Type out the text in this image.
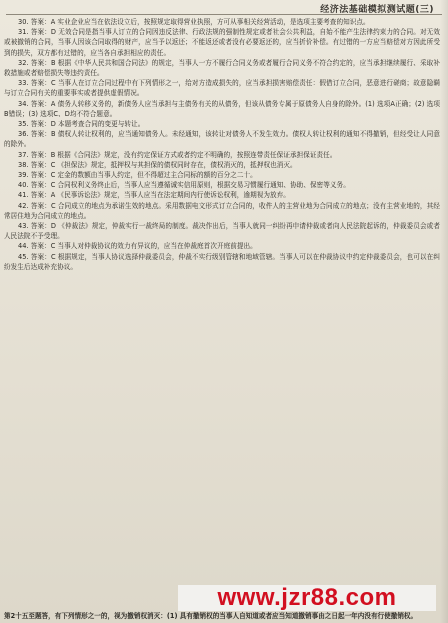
经济法基础模拟测试题(三)

30. 答案：A 实业企业应当在依法设立后，按照规定取得营业执照，方可从事相关经营活动，是选项主要考查的知识点。

31. 答案：D 无效合同是指当事人订立的合同因违反法律、行政法规的强制性规定或者社会公共利益，自始不能产生法律约束力的合同。对无效或被撤销的合同，当事人因该合同取得的财产，应当予以返还；不能返还或者没有必要返还的，应当折价补偿。有过错的一方应当赔偿对方因此所受到的损失，双方都有过错的，应当各自承担相应的责任。

32. 答案：B 根据《中华人民共和国合同法》的规定，当事人一方不履行合同义务或者履行合同义务不符合约定的，应当承担继续履行、采取补救措施或者赔偿损失等违约责任。

33. 答案：C 当事人在订立合同过程中有下列情形之一，给对方造成损失的，应当承担损害赔偿责任：假借订立合同，恶意进行磋商；故意隐瞒与订立合同有关的重要事实或者提供虚假情况。

34. 答案：A 债务人转移义务的，新债务人应当承担与主债务有关的从债务，但该从债务专属于原债务人自身的除外。(1) 选项A正确；(2) 选项B错误；(3) 选项C、D均不符合题意。

35. 答案：D 本题考查合同的变更与转让。

36. 答案：B 债权人转让权利的，应当通知债务人。未经通知，该转让对债务人不发生效力。债权人转让权利的通知不得撤销，但经受让人同意的除外。

37. 答案：B 根据《合同法》规定，没有约定保证方式或者约定不明确的，按照连带责任保证承担保证责任。

38. 答案：C 《担保法》规定，抵押权与其担保的债权同时存在，债权消灭的，抵押权也消灭。

39. 答案：C 定金的数额由当事人约定，但不得超过主合同标的额的百分之二十。

40. 答案：C 合同权利义务终止后，当事人应当遵循诚实信用原则，根据交易习惯履行通知、协助、保密等义务。

41. 答案：A 《民事诉讼法》规定，当事人应当在法定期间内行使诉讼权利，逾期视为放弃。

42. 答案：C 合同成立的地点为承诺生效的地点。采用数据电文形式订立合同的，收件人的主营业地为合同成立的地点；没有主营业地的，其经常居住地为合同成立的地点。

43. 答案：D 《仲裁法》规定，仲裁实行一裁终局的制度。裁决作出后，当事人就同一纠纷再申请仲裁或者向人民法院起诉的，仲裁委员会或者人民法院不予受理。

44. 答案：C 当事人对仲裁协议的效力有异议的，应当在仲裁庭首次开庭前提出。

45. 答案：C 根据规定，当事人协议选择仲裁委员会，仲裁不实行级别管辖和地域管辖。当事人可以在仲裁协议中约定仲裁委员会，也可以在纠纷发生后达成补充协议。

www.jzr88.com
第2十五至题答，有下列情形之一的，视为撤销权消灭：(1) 具有撤销权的当事人自知道或者应当知道撤销事由之日起一年内没有行使撤销权。
